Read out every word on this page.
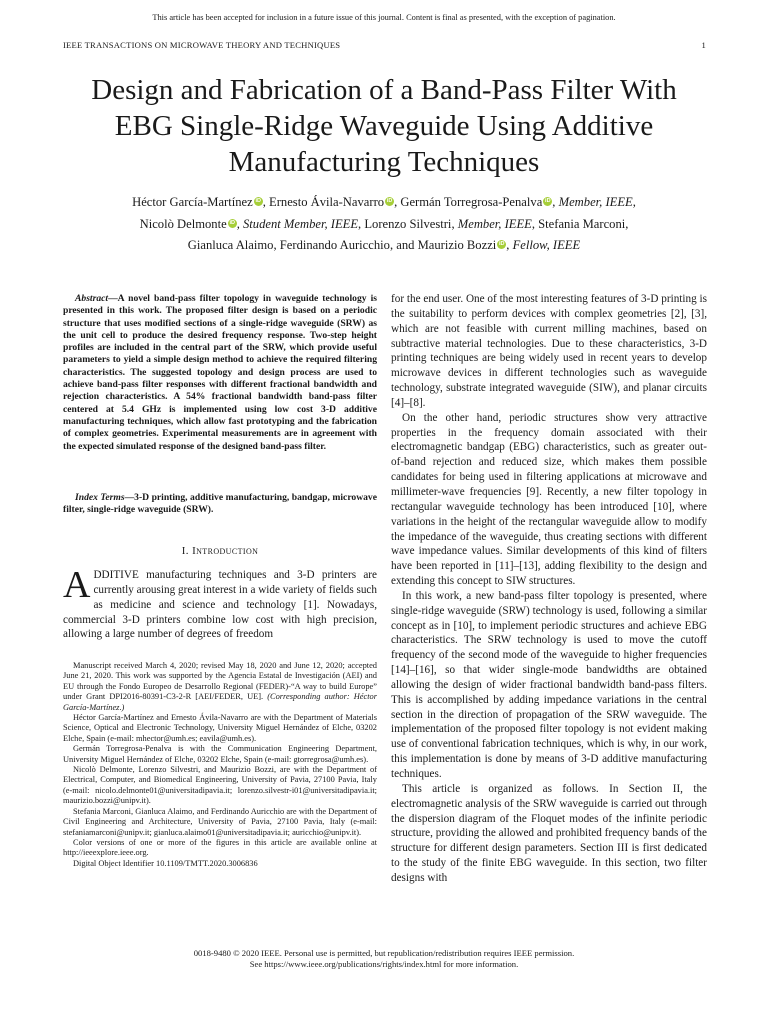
This article has been accepted for inclusion in a future issue of this journal. Content is final as presented, with the exception of pagination.
IEEE TRANSACTIONS ON MICROWAVE THEORY AND TECHNIQUES	1
Design and Fabrication of a Band-Pass Filter With
EBG Single-Ridge Waveguide Using Additive
Manufacturing Techniques
Héctor García-Martínez iD , Ernesto Ávila-Navarro iD , Germán Torregrosa-Penalva iD , Member, IEEE,
Nicolò Delmonte iD , Student Member, IEEE, Lorenzo Silvestri, Member, IEEE, Stefania Marconi,
Gianluca Alaimo, Ferdinando Auricchio, and Maurizio Bozzi iD , Fellow, IEEE
Abstract—A novel band-pass filter topology in waveguide technology is presented in this work. The proposed filter design is based on a periodic structure that uses modified sections of a single-ridge waveguide (SRW) as the unit cell to produce the desired frequency response. Two-step height profiles are included in the central part of the SRW, which provide useful parameters to yield a simple design method to achieve the required filtering characteristics. The suggested topology and design process are used to achieve band-pass filter responses with different fractional bandwidth and rejection characteristics. A 54% fractional bandwidth band-pass filter centered at 5.4 GHz is implemented using low cost 3-D additive manufacturing techniques, which allow fast prototyping and the fabrication of complex geometries. Experimental measurements are in agreement with the expected simulated response of the designed band-pass filter.
Index Terms—3-D printing, additive manufacturing, bandgap, microwave filter, single-ridge waveguide (SRW).
I. Introduction

ADDITIVE manufacturing techniques and 3-D printers are currently arousing great interest in a wide variety of fields such as medicine and science and technology [1]. Nowadays, commercial 3-D printers combine low cost with high precision, allowing a large number of degrees of freedom

Manuscript received March 4, 2020; revised May 18, 2020 and June 12, 2020; accepted June 21, 2020. This work was supported by the Agencia Estatal de Investigación (AEI) and EU through the Fondo Europeo de Desarrollo Regional (FEDER)-“A way to build Europe” under Grant DPI2016-80391-C3-2-R [AEI/FEDER, UE]. (Corresponding author: Héctor García-Martínez.)

Héctor García-Martínez and Ernesto Ávila-Navarro are with the Department of Materials Science, Optical and Electronic Technology, University Miguel Hernández of Elche, 03202 Elche, Spain (e-mail: mhector@umh.es; eavila@umh.es).

Germán Torregrosa-Penalva is with the Communication Engineering Department, University Miguel Hernández of Elche, 03202 Elche, Spain (e-mail: gtorregrosa@umh.es).

Nicolò Delmonte, Lorenzo Silvestri, and Maurizio Bozzi, are with the Department of Electrical, Computer, and Biomedical Engineering, University of Pavia, 27100 Pavia, Italy (e-mail: nicolo.delmonte01@universitadipavia.it; lorenzo.silvestr-i01@universitadipavia.it; maurizio.bozzi@unipv.it).

Stefania Marconi, Gianluca Alaimo, and Ferdinando Auricchio are with the Department of Civil Engineering and Architecture, University of Pavia, 27100 Pavia, Italy (e-mail: stefaniamarconi@unipv.it; gianluca.alaimo01@universitadipavia.it; auricchio@unipv.it).

Color versions of one or more of the figures in this article are available online at http://ieeexplore.ieee.org.

Digital Object Identifier 10.1109/TMTT.2020.3006836

for the end user. One of the most interesting features of 3-D printing is the suitability to perform devices with complex geometries [2], [3], which are not feasible with current milling machines, based on subtractive material technologies. Due to these characteristics, 3-D printing techniques are being widely used in recent years to develop microwave devices in different technologies such as waveguide technology, substrate integrated waveguide (SIW), and planar circuits [4]–[8].

On the other hand, periodic structures show very attractive properties in the frequency domain associated with their electromagnetic bandgap (EBG) characteristics, such as greater out-of-band rejection and reduced size, which makes them possible candidates for being used in filtering applications at microwave and millimeter-wave frequencies [9]. Recently, a new filter topology in rectangular waveguide technology has been introduced [10], where variations in the height of the rectangular waveguide allow to modify the impedance of the waveguide, thus creating sections with different wave impedance values. Similar developments of this kind of filters have been reported in [11]–[13], adding flexibility to the design and extending this concept to SIW structures.

In this work, a new band-pass filter topology is presented, where single-ridge waveguide (SRW) technology is used, following a similar concept as in [10], to implement periodic structures and achieve EBG characteristics. The SRW technology is used to move the cutoff frequency of the second mode of the waveguide to higher frequencies [14]–[16], so that wider single-mode bandwidths are obtained allowing the design of wider fractional bandwidth band-pass filters. This is accomplished by adding impedance variations in the central section in the direction of propagation of the SRW waveguide. The implementation of the proposed filter topology is not evident making use of conventional fabrication techniques, which is why, in our work, this implementation is done by means of 3-D additive manufacturing techniques.

This article is organized as follows. In Section II, the electromagnetic analysis of the SRW waveguide is carried out through the dispersion diagram of the Floquet modes of the infinite periodic structure, providing the allowed and prohibited frequency bands of the structure for different design parameters. Section III is first dedicated to the study of the finite EBG waveguide. In this section, two filter designs with

0018-9480 © 2020 IEEE. Personal use is permitted, but republication/redistribution requires IEEE permission.
See https://www.ieee.org/publications/rights/index.html for more information.
